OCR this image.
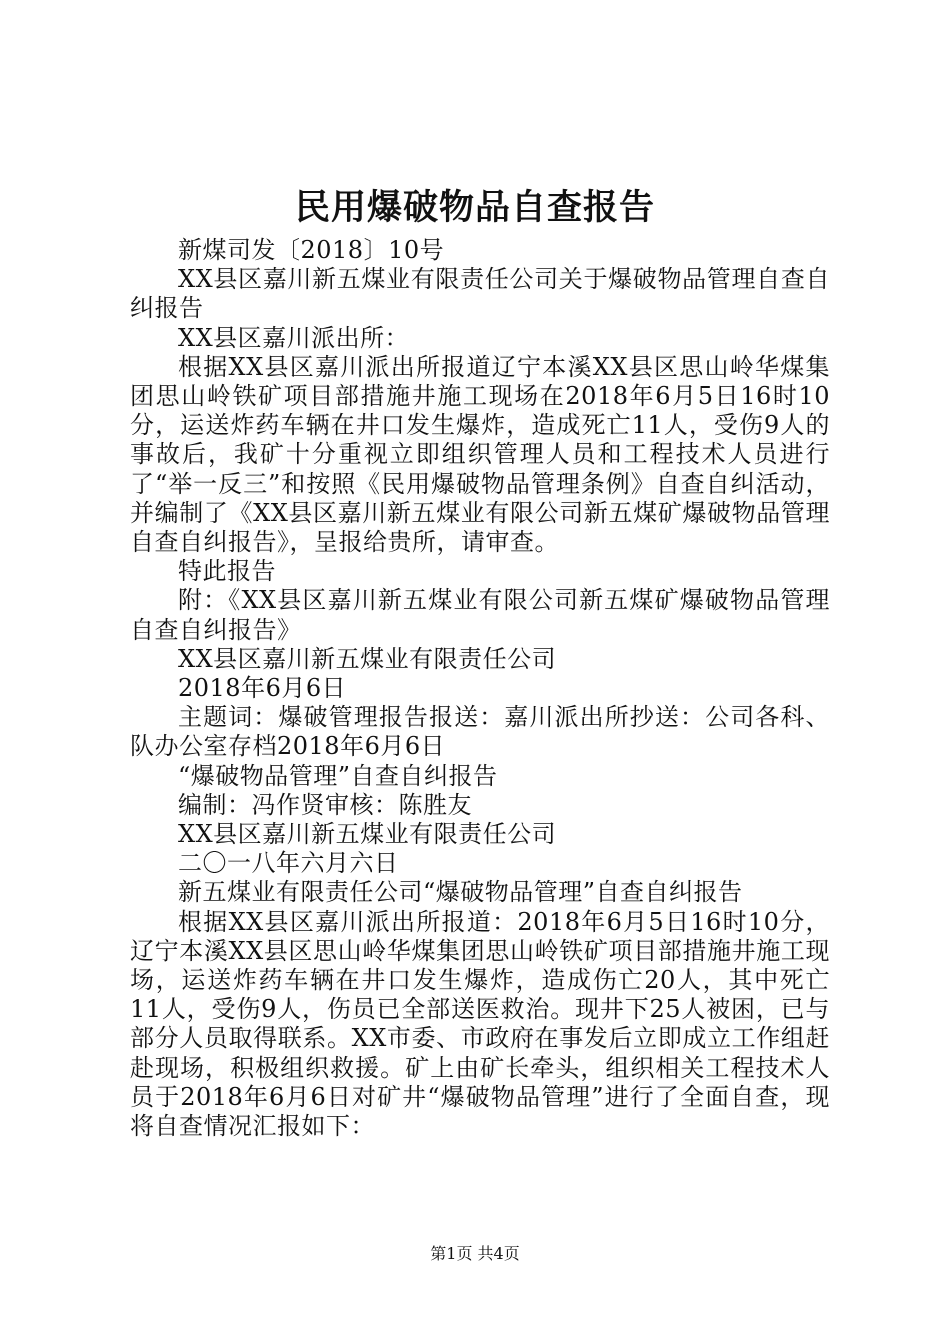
民用爆破物品自查报告

新煤司发〔2018〕10号

XX县区嘉川新五煤业有限责任公司关于爆破物品管理自查自纠报告

XX县区嘉川派出所：

根据XX县区嘉川派出所报道辽宁本溪XX县区思山岭华煤集团思山岭铁矿项目部措施井施工现场在2018年6月5日16时10分，运送炸药车辆在井口发生爆炸，造成死亡11人，受伤9人的事故后，我矿十分重视立即组织管理人员和工程技术人员进行了“举一反三”和按照《民用爆破物品管理条例》自查自纠活动，并编制了《XX县区嘉川新五煤业有限公司新五煤矿爆破物品管理自查自纠报告》，呈报给贵所，请审查。

特此报告

附：《XX县区嘉川新五煤业有限公司新五煤矿爆破物品管理自查自纠报告》

XX县区嘉川新五煤业有限责任公司

2018年6月6日

主题词：爆破管理报告报送：嘉川派出所抄送：公司各科、队办公室存档2018年6月6日

“爆破物品管理”自查自纠报告

编制：冯作贤审核：陈胜友

XX县区嘉川新五煤业有限责任公司

二〇一八年六月六日

新五煤业有限责任公司“爆破物品管理”自查自纠报告

根据XX县区嘉川派出所报道：2018年6月5日16时10分，辽宁本溪XX县区思山岭华煤集团思山岭铁矿项目部措施井施工现场，运送炸药车辆在井口发生爆炸，造成伤亡20人，其中死亡11人，受伤9人，伤员已全部送医救治。现井下25人被困，已与部分人员取得联系。XX市委、市政府在事发后立即成立工作组赶赴现场，积极组织救援。矿上由矿长牵头，组织相关工程技术人员于2018年6月6日对矿井“爆破物品管理”进行了全面自查，现将自查情况汇报如下：

第1页 共4页
